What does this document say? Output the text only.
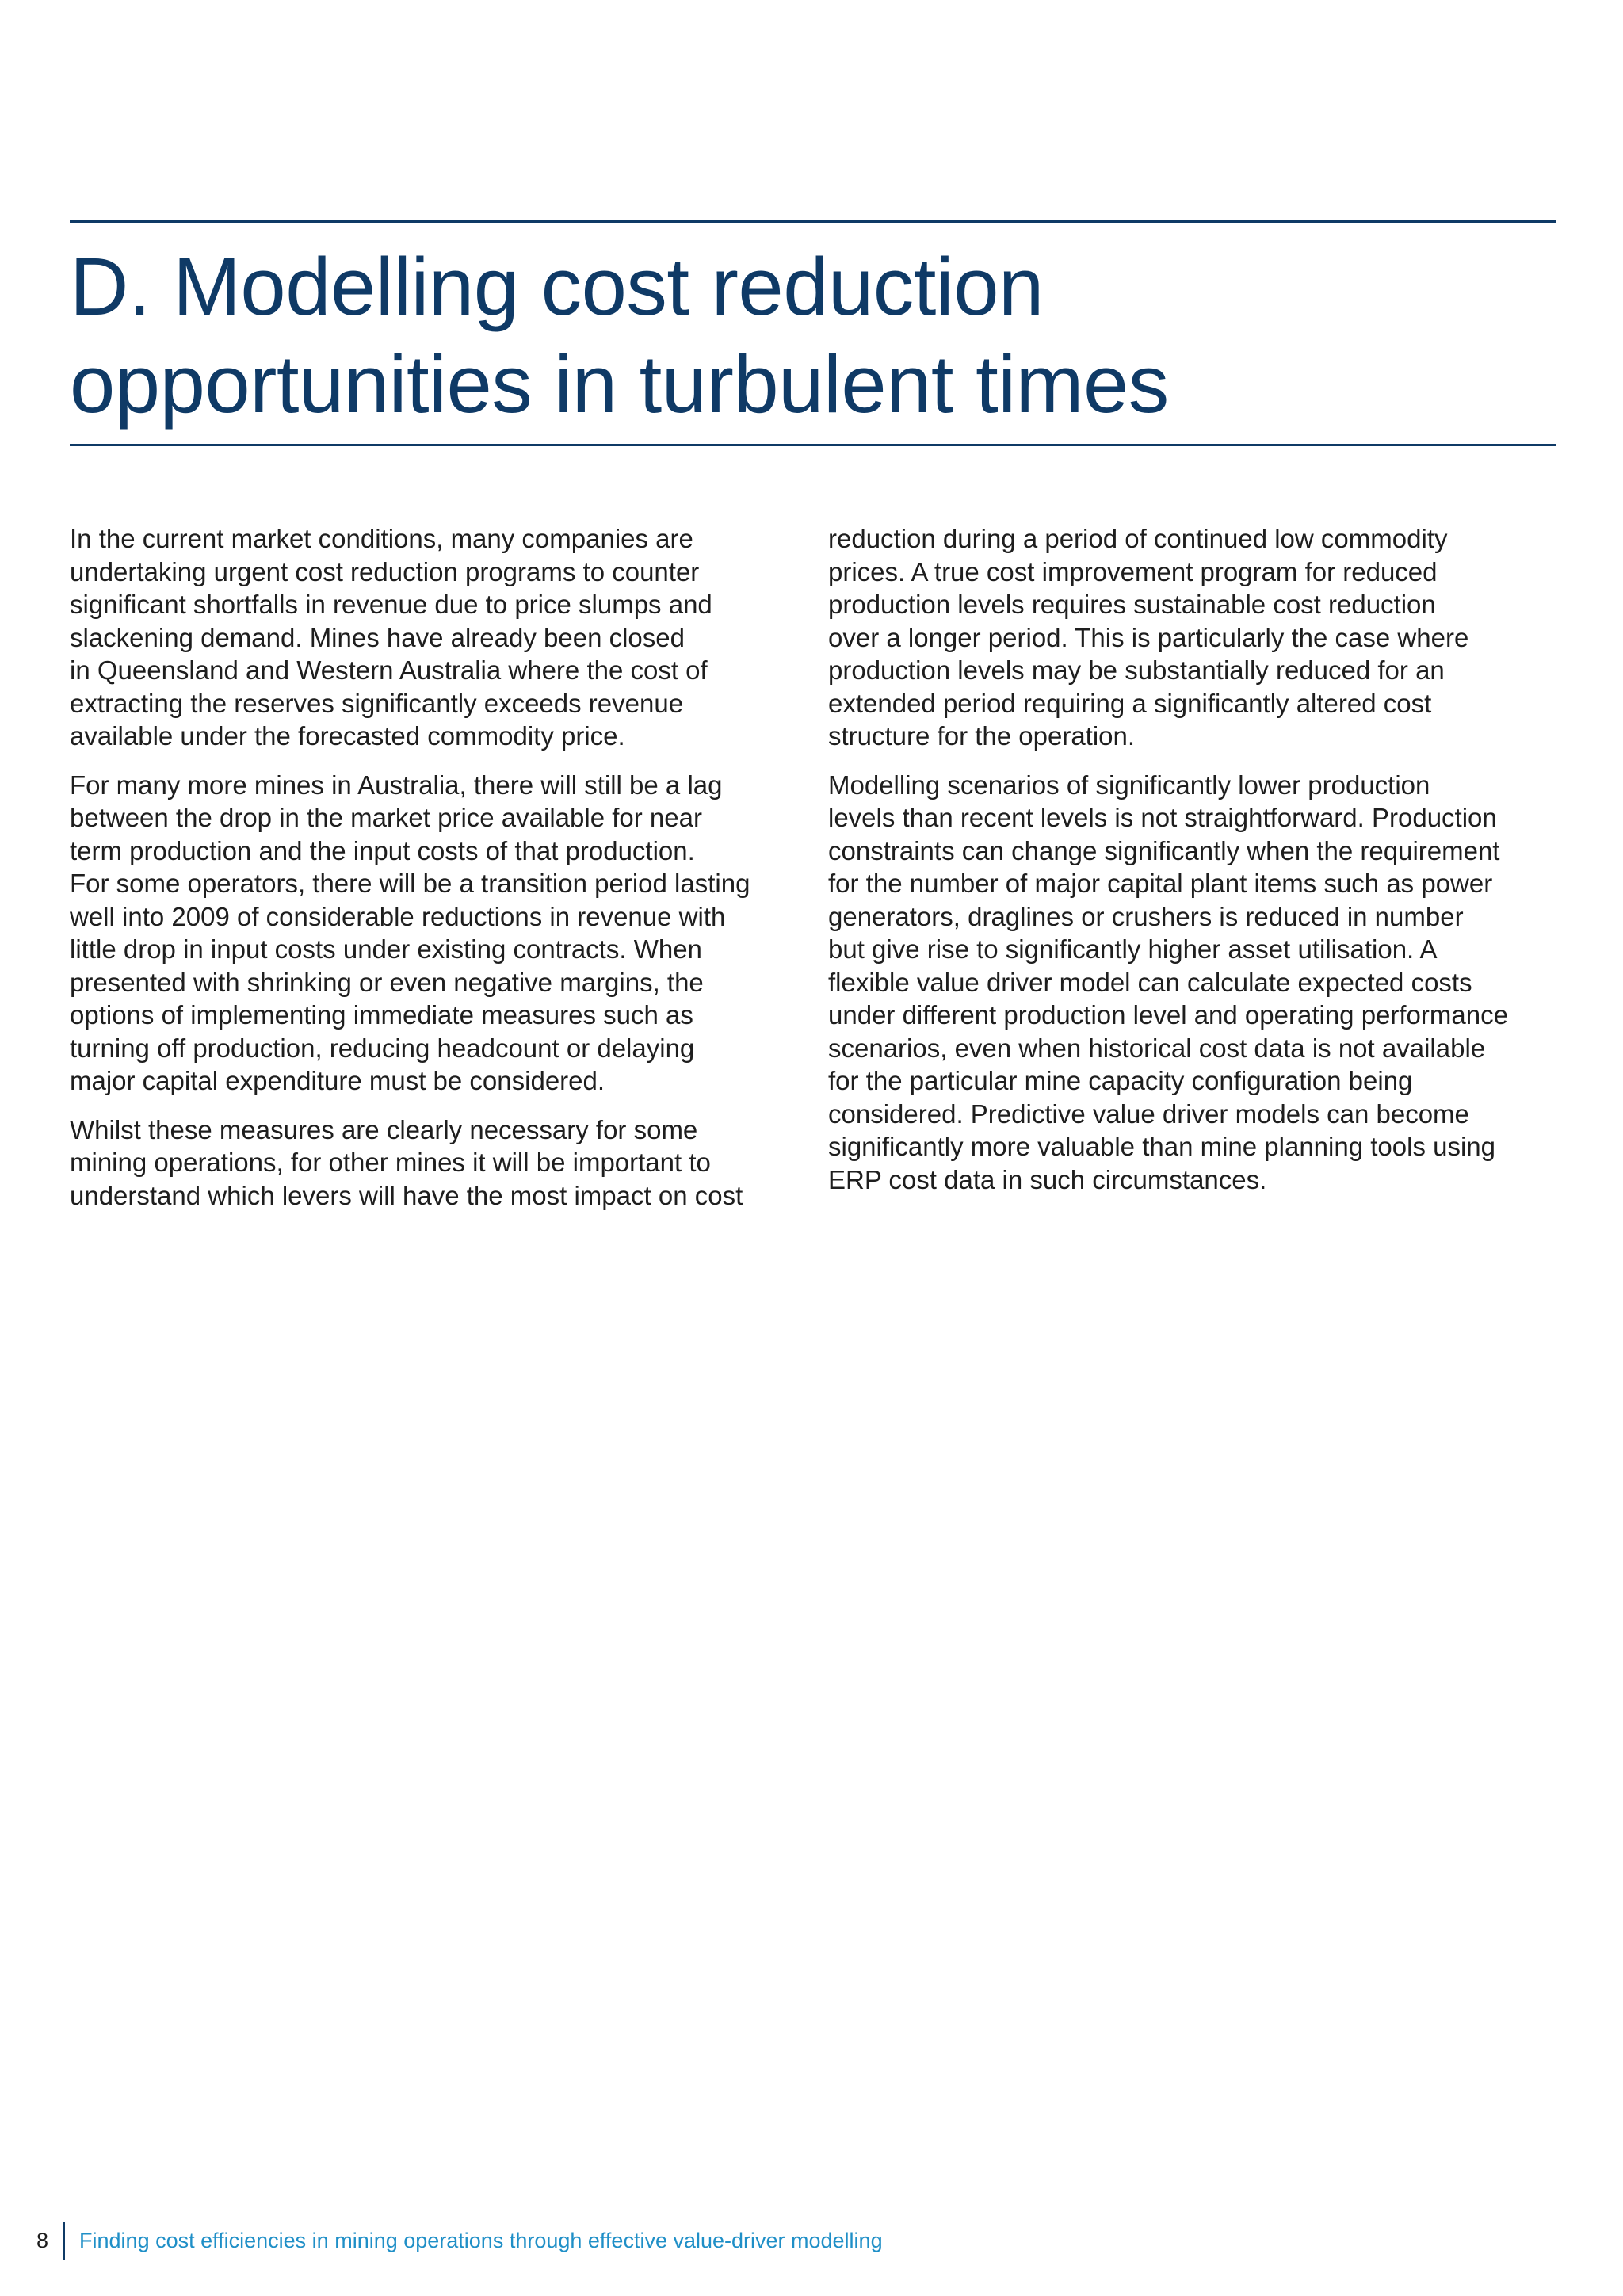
D. Modelling cost reduction
opportunities in turbulent times

In the current market conditions, many companies are
undertaking urgent cost reduction programs to counter
significant shortfalls in revenue due to price slumps and
slackening demand. Mines have already been closed
in Queensland and Western Australia where the cost of
extracting the reserves significantly exceeds revenue
available under the forecasted commodity price.

For many more mines in Australia, there will still be a lag
between the drop in the market price available for near
term production and the input costs of that production.
For some operators, there will be a transition period lasting
well into 2009 of considerable reductions in revenue with
little drop in input costs under existing contracts. When
presented with shrinking or even negative margins, the
options of implementing immediate measures such as
turning off production, reducing headcount or delaying
major capital expenditure must be considered.

Whilst these measures are clearly necessary for some
mining operations, for other mines it will be important to
understand which levers will have the most impact on cost

reduction during a period of continued low commodity
prices. A true cost improvement program for reduced
production levels requires sustainable cost reduction
over a longer period. This is particularly the case where
production levels may be substantially reduced for an
extended period requiring a significantly altered cost
structure for the operation.

Modelling scenarios of significantly lower production
levels than recent levels is not straightforward. Production
constraints can change significantly when the requirement
for the number of major capital plant items such as power
generators, draglines or crushers is reduced in number
but give rise to significantly higher asset utilisation. A
flexible value driver model can calculate expected costs
under different production level and operating performance
scenarios, even when historical cost data is not available
for the particular mine capacity configuration being
considered. Predictive value driver models can become
significantly more valuable than mine planning tools using
ERP cost data in such circumstances.

8 Finding cost efficiencies in mining operations through effective value-driver modelling
